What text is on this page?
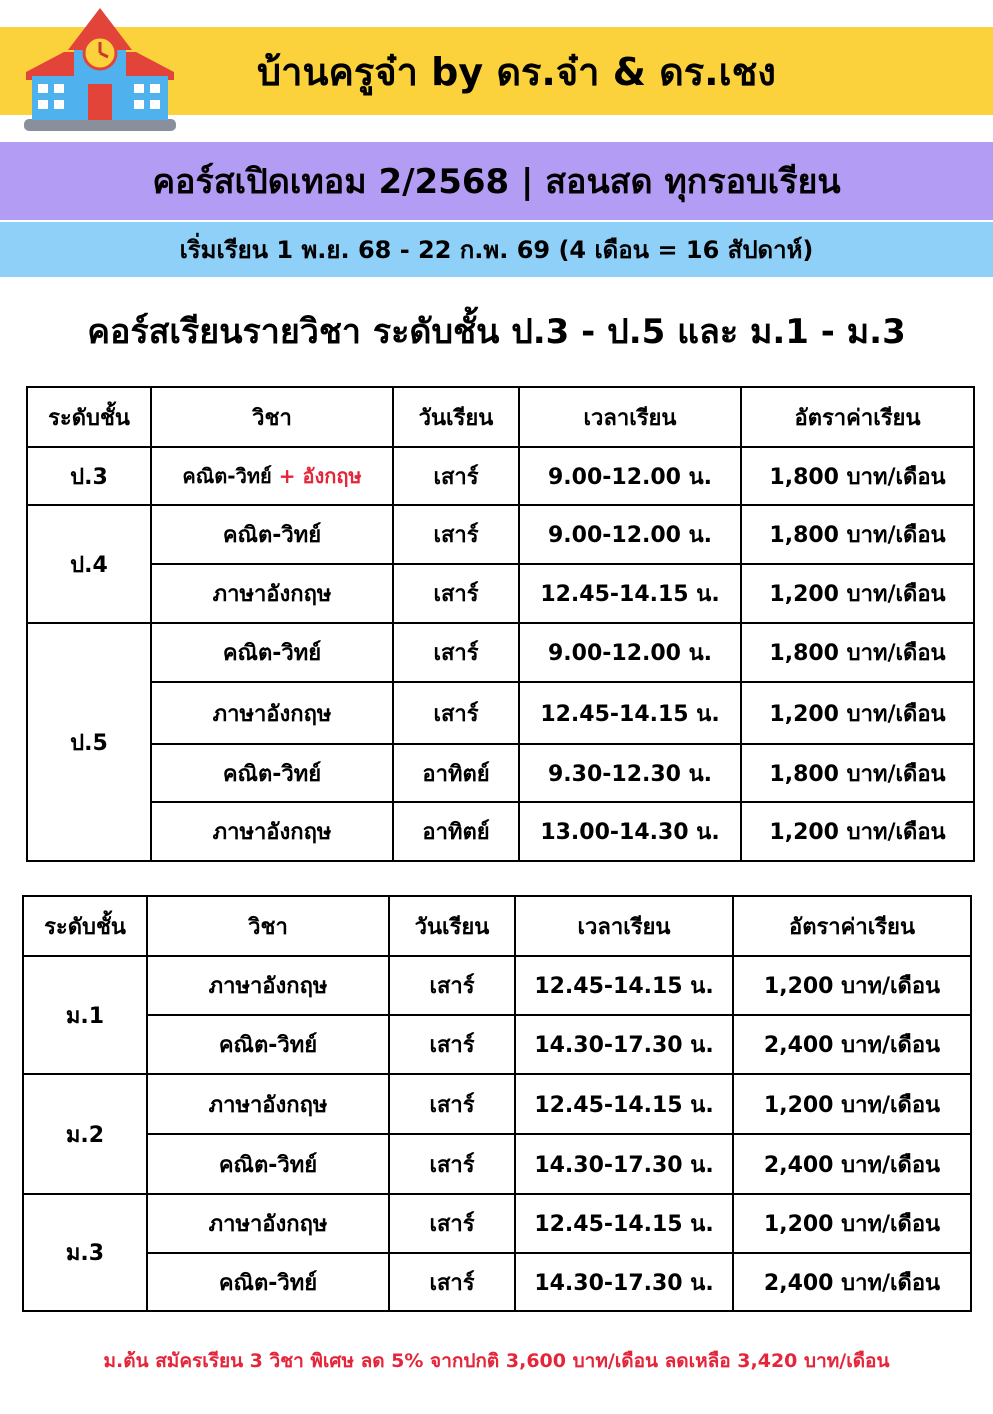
บ้านครูจ๋า by ดร.จ๋า & ดร.เชง
คอร์สเปิดเทอม 2/2568 | สอนสด ทุกรอบเรียน
เริ่มเรียน 1 พ.ย. 68 - 22 ก.พ. 69 (4 เดือน = 16 สัปดาห์)
คอร์สเรียนรายวิชา ระดับชั้น ป.3 - ป.5 และ ม.1 - ม.3
ระดับชั้น	วิชา	วันเรียน	เวลาเรียน	อัตราค่าเรียน
ป.3	คณิต-วิทย์ + อังกฤษ	เสาร์	9.00-12.00 น.	1,800 บาท/เดือน
ป.4	คณิต-วิทย์	เสาร์	9.00-12.00 น.	1,800 บาท/เดือน
	ภาษาอังกฤษ	เสาร์	12.45-14.15 น.	1,200 บาท/เดือน
ป.5	คณิต-วิทย์	เสาร์	9.00-12.00 น.	1,800 บาท/เดือน
	ภาษาอังกฤษ	เสาร์	12.45-14.15 น.	1,200 บาท/เดือน
	คณิต-วิทย์	อาทิตย์	9.30-12.30 น.	1,800 บาท/เดือน
	ภาษาอังกฤษ	อาทิตย์	13.00-14.30 น.	1,200 บาท/เดือน
ระดับชั้น	วิชา	วันเรียน	เวลาเรียน	อัตราค่าเรียน
ม.1	ภาษาอังกฤษ	เสาร์	12.45-14.15 น.	1,200 บาท/เดือน
	คณิต-วิทย์	เสาร์	14.30-17.30 น.	2,400 บาท/เดือน
ม.2	ภาษาอังกฤษ	เสาร์	12.45-14.15 น.	1,200 บาท/เดือน
	คณิต-วิทย์	เสาร์	14.30-17.30 น.	2,400 บาท/เดือน
ม.3	ภาษาอังกฤษ	เสาร์	12.45-14.15 น.	1,200 บาท/เดือน
	คณิต-วิทย์	เสาร์	14.30-17.30 น.	2,400 บาท/เดือน
ม.ต้น สมัครเรียน 3 วิชา พิเศษ ลด 5% จากปกติ 3,600 บาท/เดือน ลดเหลือ 3,420 บาท/เดือน
